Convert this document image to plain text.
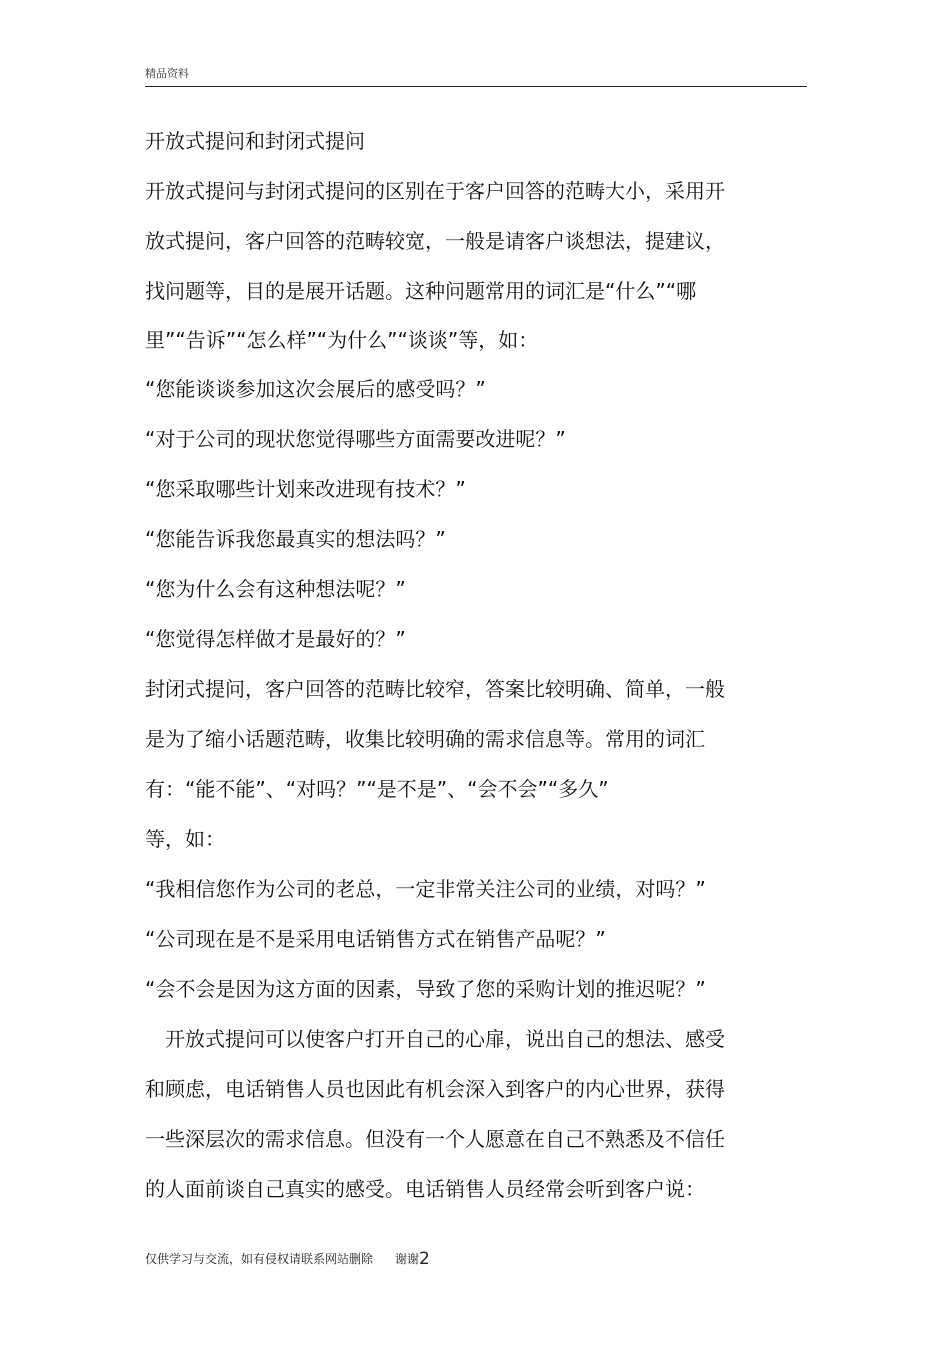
精品资料
开放式提问和封闭式提问
开放式提问与封闭式提问的区别在于客户回答的范畴大小，采用开
放式提问，客户回答的范畴较宽，一般是请客户谈想法，提建议，
找问题等，目的是展开话题。这种问题常用的词汇是“什么”“哪
里”“告诉”“怎么样”“为什么”“谈谈”等，如：
“您能谈谈参加这次会展后的感受吗？”
“对于公司的现状您觉得哪些方面需要改进呢？”
“您采取哪些计划来改进现有技术？”
“您能告诉我您最真实的想法吗？”
“您为什么会有这种想法呢？”
“您觉得怎样做才是最好的？”
封闭式提问，客户回答的范畴比较窄，答案比较明确、简单，一般
是为了缩小话题范畴，收集比较明确的需求信息等。常用的词汇
有：“能不能”、“对吗？”“是不是”、“会不会”“多久”
等，如：
“我相信您作为公司的老总，一定非常关注公司的业绩，对吗？”
“公司现在是不是采用电话销售方式在销售产品呢？”
“会不会是因为这方面的因素，导致了您的采购计划的推迟呢？”
　开放式提问可以使客户打开自己的心扉，说出自己的想法、感受
和顾虑，电话销售人员也因此有机会深入到客户的内心世界，获得
一些深层次的需求信息。但没有一个人愿意在自己不熟悉及不信任
的人面前谈自己真实的感受。电话销售人员经常会听到客户说：
仅供学习与交流，如有侵权请联系网站删除 谢谢2
